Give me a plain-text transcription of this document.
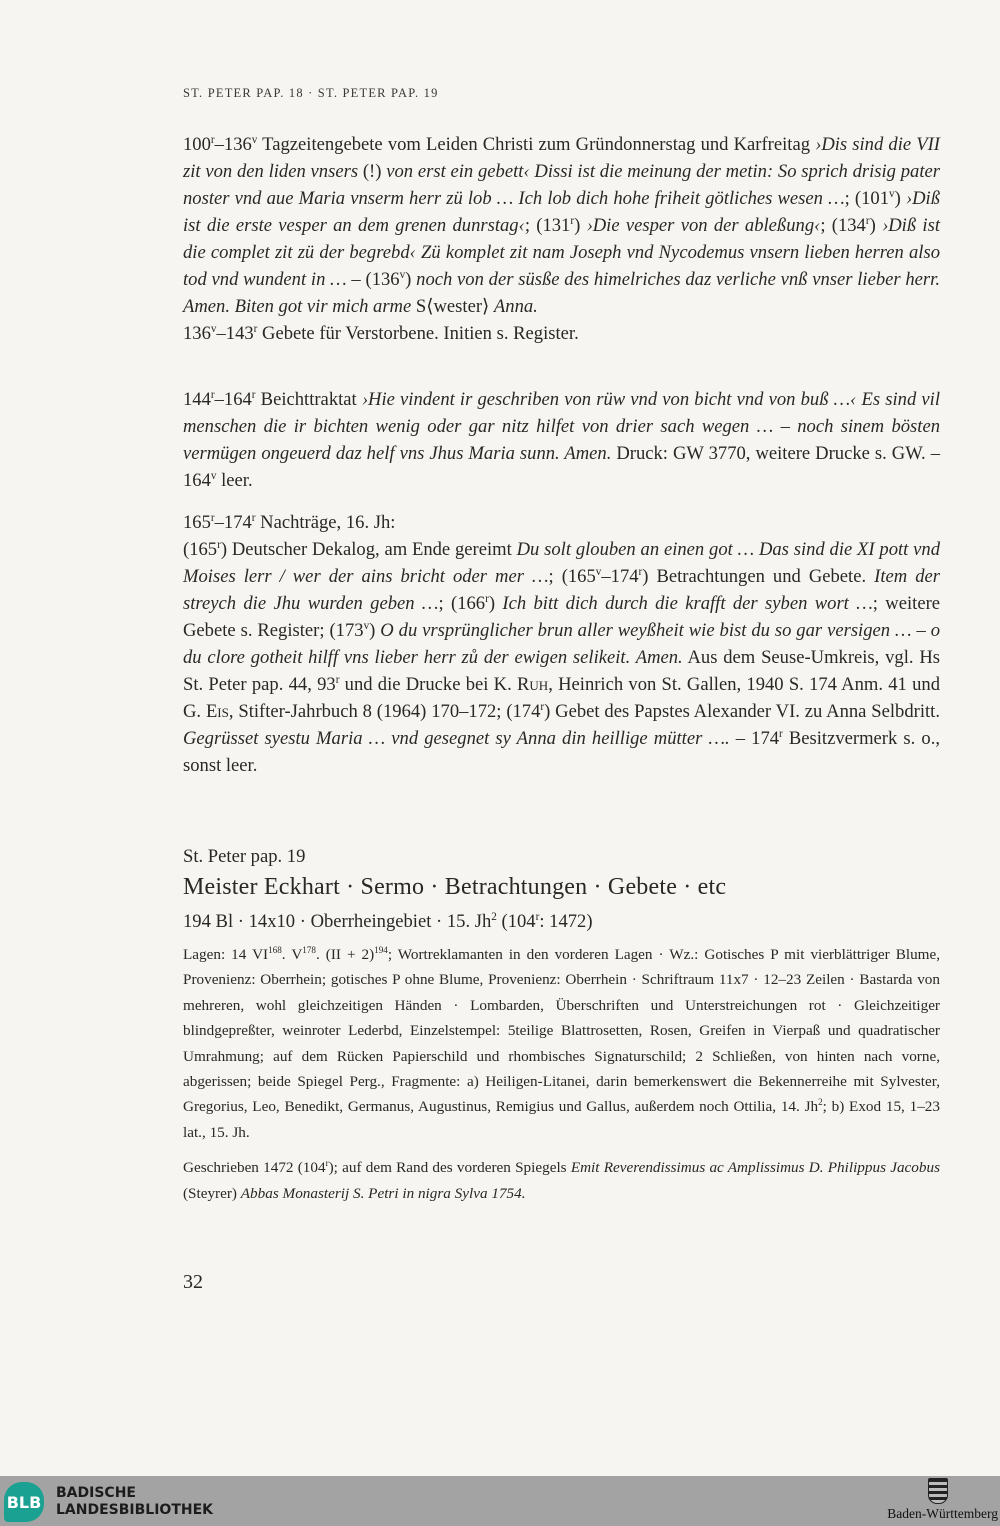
ST. PETER PAP. 18 · ST. PETER PAP. 19

100$^r$–136$^v$ Tagzeitengebete vom Leiden Christi zum Gründonnerstag und Karfreitag ›Dis sind die VII zit von den liden vnsers (!) von erst ein gebett‹ Dissi ist die meinung der metin: So sprich drisig pater noster vnd aue Maria vnserm herr zü lob … Ich lob dich hohe friheit götliches wesen …; (101$^v$) ›Diß ist die erste vesper an dem grenen dunrstag‹; (131$^r$) ›Die vesper von der ableßung‹; (134$^r$) ›Diß ist die complet zit zü der begrebd‹ Zü komplet zit nam Joseph vnd Nycodemus vnsern lieben herren also tod vnd wundent in … – (136$^v$) noch von der süsße des himelriches daz verliche vnß vnser lieber herr. Amen. Biten got vir mich arme S⟨wester⟩ Anna.

136$^v$–143$^r$ Gebete für Verstorbene. Initien s. Register.

144$^r$–164$^r$ Beichttraktat ›Hie vindent ir geschriben von rüw vnd von bicht vnd von buß …‹ Es sind vil menschen die ir bichten wenig oder gar nitz hilfet von drier sach wegen … – noch sinem bösten vermügen ongeuerd daz helf vns Jhus Maria sunn. Amen. Druck: GW 3770, weitere Drucke s. GW. – 164$^v$ leer.

165$^r$–174$^r$ Nachträge, 16. Jh:

(165$^r$) Deutscher Dekalog, am Ende gereimt Du solt glouben an einen got … Das sind die XI pott vnd Moises lerr / wer der ains bricht oder mer …; (165$^v$–174$^r$) Betrachtungen und Gebete. Item der streych die Jhu wurden geben …; (166$^r$) Ich bitt dich durch die krafft der syben wort …; weitere Gebete s. Register; (173$^v$) O du vrsprünglicher brun aller weyßheit wie bist du so gar versigen … – o du clore gotheit hilff vns lieber herr zů der ewigen selikeit. Amen. Aus dem Seuse-Umkreis, vgl. Hs St. Peter pap. 44, 93$^r$ und die Drucke bei K. Ruh, Heinrich von St. Gallen, 1940 S. 174 Anm. 41 und G. Eis, Stifter-Jahrbuch 8 (1964) 170–172; (174$^r$) Gebet des Papstes Alexander VI. zu Anna Selbdritt. Gegrüsset syestu Maria … vnd gesegnet sy Anna din heillige mütter …. – 174$^r$ Besitzvermerk s. o., sonst leer.

St. Peter pap. 19
Meister Eckhart · Sermo · Betrachtungen · Gebete · etc
194 Bl · 14x10 · Oberrheingebiet · 15. Jh$^2$ (104$^r$: 1472)
Lagen: 14 VI$^{168}$. $V^{178}$. (II + 2)$^{194}$; Wortreklamanten in den vorderen Lagen · Wz.: Gotisches P mit vierblättriger Blume, Provenienz: Oberrhein; gotisches P ohne Blume, Provenienz: Oberrhein · Schriftraum 11x7 · 12–23 Zeilen · Bastarda von mehreren, wohl gleichzeitigen Händen · Lombarden, Überschriften und Unterstreichungen rot · Gleichzeitiger blindgepreßter, weinroter Lederbd, Einzelstempel: 5teilige Blattrosetten, Rosen, Greifen in Vierpaß und quadratischer Umrahmung; auf dem Rücken Papierschild und rhombisches Signaturschild; 2 Schließen, von hinten nach vorne, abgerissen; beide Spiegel Perg., Fragmente: a) Heiligen-Litanei, darin bemerkenswert die Bekennerreihe mit Sylvester, Gregorius, Leo, Benedikt, Germanus, Augustinus, Remigius und Gallus, außerdem noch Ottilia, 14. Jh$^2$; b) Exod 15, 1–23 lat., 15. Jh.
Geschrieben 1472 (104$^r$); auf dem Rand des vorderen Spiegels Emit Reverendissimus ac Amplissimus D. Philippus Jacobus (Steyrer) Abbas Monasterij S. Petri in nigra Sylva 1754.
32
BLB BADISCHE
LANDESBIBLIOTHEK	Baden-Württemberg
